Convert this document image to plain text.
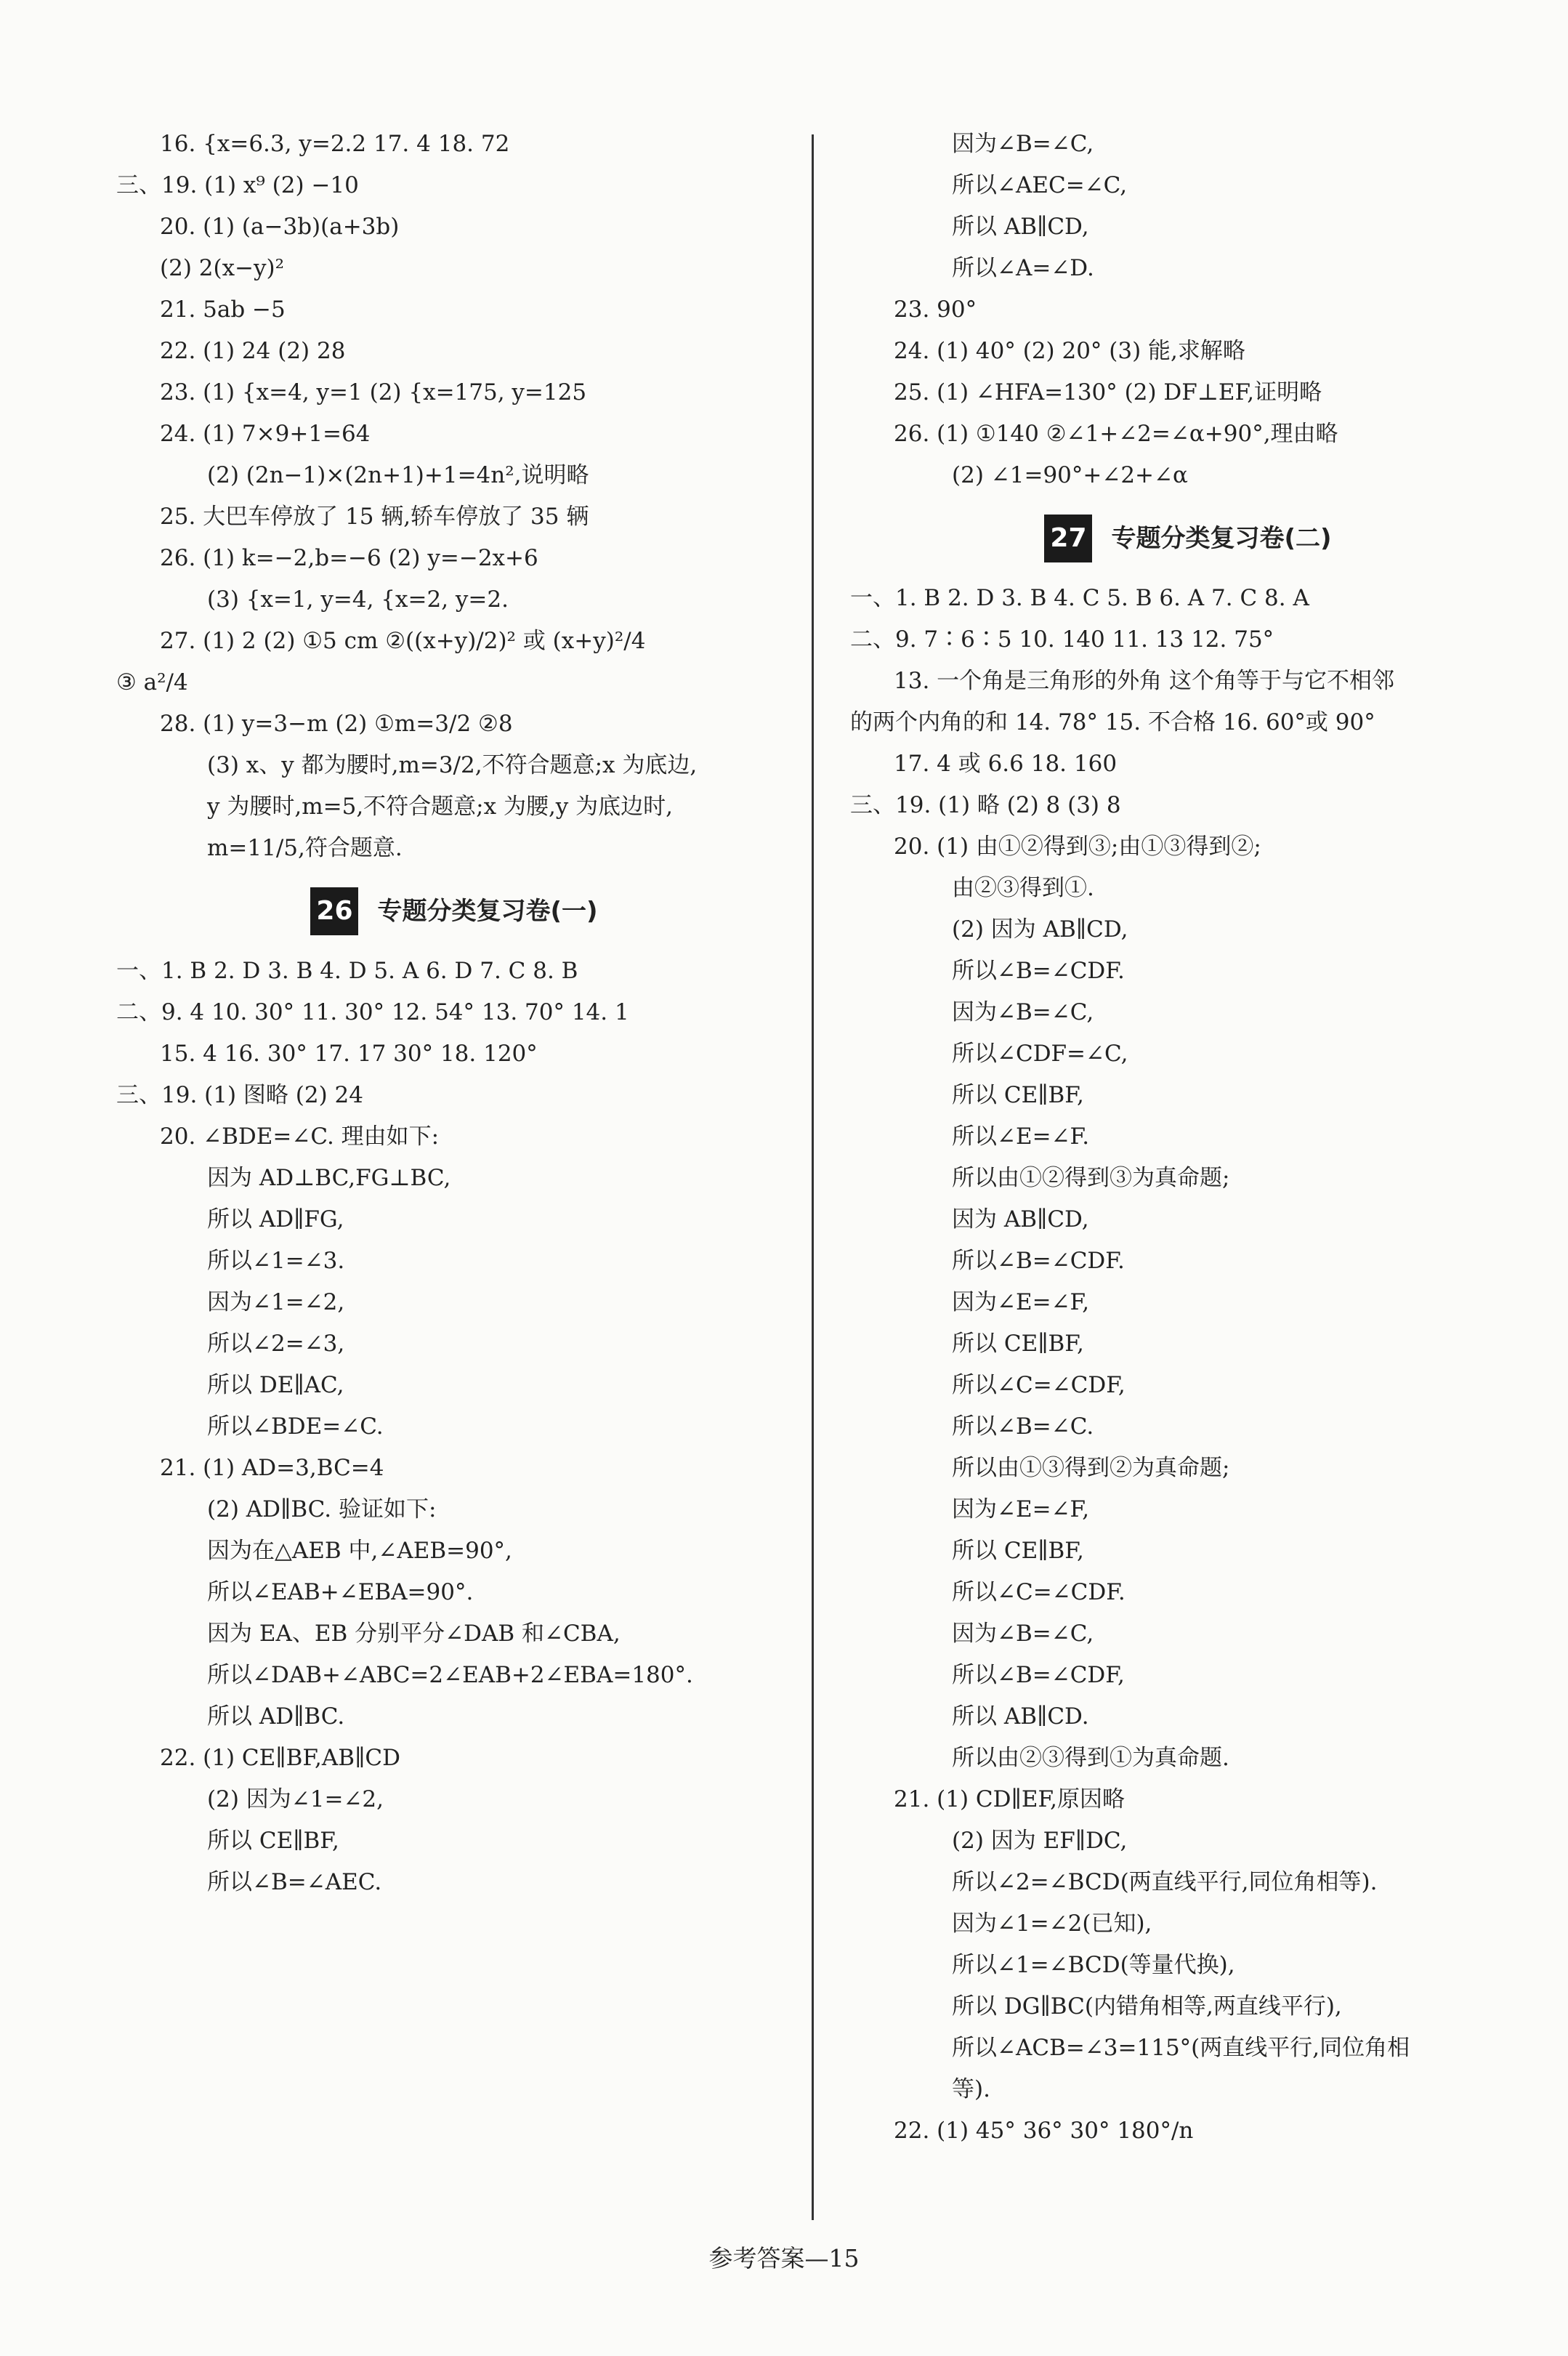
16. {x=6.3, y=2.2 17. 4 18. 72
三、19. (1) x⁹ (2) −10
20. (1) (a−3b)(a+3b)
(2) 2(x−y)²
21. 5ab −5
22. (1) 24 (2) 28
23. (1) {x=4, y=1 (2) {x=175, y=125
24. (1) 7×9+1=64
(2) (2n−1)×(2n+1)+1=4n²,说明略
25. 大巴车停放了 15 辆,轿车停放了 35 辆
26. (1) k=−2,b=−6 (2) y=−2x+6
(3) {x=1, y=4, {x=2, y=2.
27. (1) 2 (2) ①5 cm ②((x+y)/2)² 或 (x+y)²/4
③ a²/4
28. (1) y=3−m (2) ①m=3/2 ②8
(3) x、y 都为腰时,m=3/2,不符合题意;x 为底边,
y 为腰时,m=5,不符合题意;x 为腰,y 为底边时,
m=11/5,符合题意.
26 专题分类复习卷(一)
一、1. B 2. D 3. B 4. D 5. A 6. D 7. C 8. B
二、9. 4 10. 30° 11. 30° 12. 54° 13. 70° 14. 1
15. 4 16. 30° 17. 17 30° 18. 120°
三、19. (1) 图略 (2) 24
20. ∠BDE=∠C. 理由如下:
因为 AD⊥BC,FG⊥BC,
所以 AD∥FG,
所以∠1=∠3.
因为∠1=∠2,
所以∠2=∠3,
所以 DE∥AC,
所以∠BDE=∠C.
21. (1) AD=3,BC=4
(2) AD∥BC. 验证如下:
因为在△AEB 中,∠AEB=90°,
所以∠EAB+∠EBA=90°.
因为 EA、EB 分别平分∠DAB 和∠CBA,
所以∠DAB+∠ABC=2∠EAB+2∠EBA=180°.
所以 AD∥BC.
22. (1) CE∥BF,AB∥CD
(2) 因为∠1=∠2,
所以 CE∥BF,
所以∠B=∠AEC.
因为∠B=∠C,
所以∠AEC=∠C,
所以 AB∥CD,
所以∠A=∠D.
23. 90°
24. (1) 40° (2) 20° (3) 能,求解略
25. (1) ∠HFA=130° (2) DF⊥EF,证明略
26. (1) ①140 ②∠1+∠2=∠α+90°,理由略
(2) ∠1=90°+∠2+∠α
27 专题分类复习卷(二)
一、1. B 2. D 3. B 4. C 5. B 6. A 7. C 8. A
二、9. 7∶6∶5 10. 140 11. 13 12. 75°
13. 一个角是三角形的外角 这个角等于与它不相邻
的两个内角的和 14. 78° 15. 不合格 16. 60°或 90°
17. 4 或 6.6 18. 160
三、19. (1) 略 (2) 8 (3) 8
20. (1) 由①②得到③;由①③得到②;
由②③得到①.
(2) 因为 AB∥CD,
所以∠B=∠CDF.
因为∠B=∠C,
所以∠CDF=∠C,
所以 CE∥BF,
所以∠E=∠F.
所以由①②得到③为真命题;
因为 AB∥CD,
所以∠B=∠CDF.
因为∠E=∠F,
所以 CE∥BF,
所以∠C=∠CDF,
所以∠B=∠C.
所以由①③得到②为真命题;
因为∠E=∠F,
所以 CE∥BF,
所以∠C=∠CDF.
因为∠B=∠C,
所以∠B=∠CDF,
所以 AB∥CD.
所以由②③得到①为真命题.
21. (1) CD∥EF,原因略
(2) 因为 EF∥DC,
所以∠2=∠BCD(两直线平行,同位角相等).
因为∠1=∠2(已知),
所以∠1=∠BCD(等量代换),
所以 DG∥BC(内错角相等,两直线平行),
所以∠ACB=∠3=115°(两直线平行,同位角相
等).
22. (1) 45° 36° 30° 180°/n
参考答案—15
